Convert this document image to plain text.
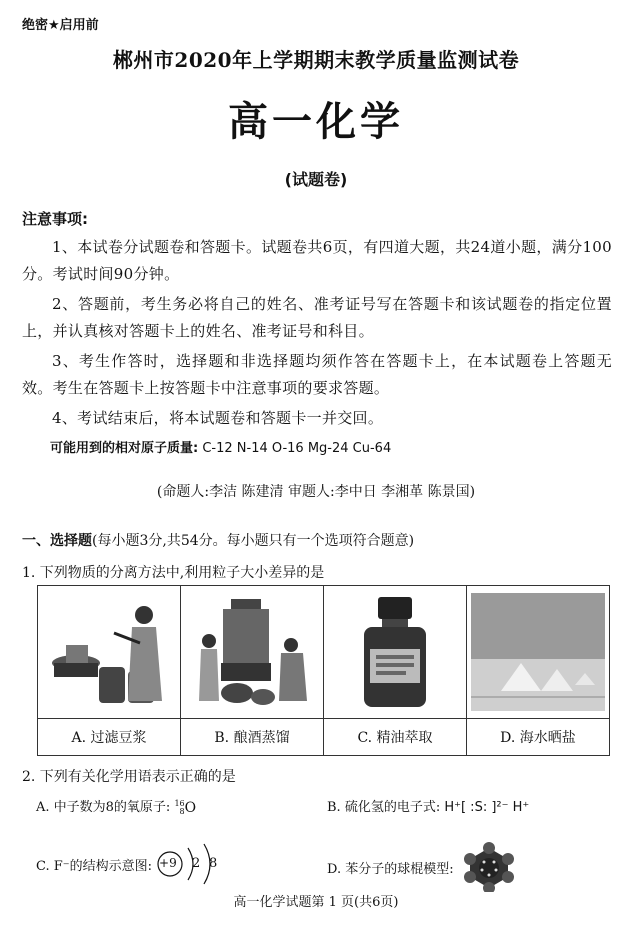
绝密★启用前
郴州市2020年上学期期末教学质量监测试卷
高一化学
(试题卷)
注意事项:
1、本试卷分试题卷和答题卡。试题卷共6页，有四道大题，共24道小题，满分100分。考试时间90分钟。
2、答题前，考生务必将自己的姓名、准考证号写在答题卡和该试题卷的指定位置上，并认真核对答题卡上的姓名、准考证号和科目。
3、考生作答时，选择题和非选择题均须作答在答题卡上，在本试题卷上答题无效。考生在答题卡上按答题卡中注意事项的要求答题。
4、考试结束后，将本试题卷和答题卡一并交回。
可能用到的相对原子质量: C-12 N-14 O-16 Mg-24 Cu-64
(命题人:李洁 陈建清 审题人:李中日 李湘革 陈景国)
一、选择题(每小题3分,共54分。每小题只有一个选项符合题意)
1. 下列物质的分离方法中,利用粒子大小差异的是

A. 过滤豆浆	B. 酿酒蒸馏	C. 精油萃取	D. 海水晒盐
2. 下列有关化学用语表示正确的是
A. 中子数为8的氧原子: 16
8 O	B. 硫化氢的电子式: H⁺[ :S: ]²⁻ H⁺
C. F⁻的结构示意图: +9 2 8	D. 苯分子的球棍模型:
高一化学试题第 1 页(共6页)
